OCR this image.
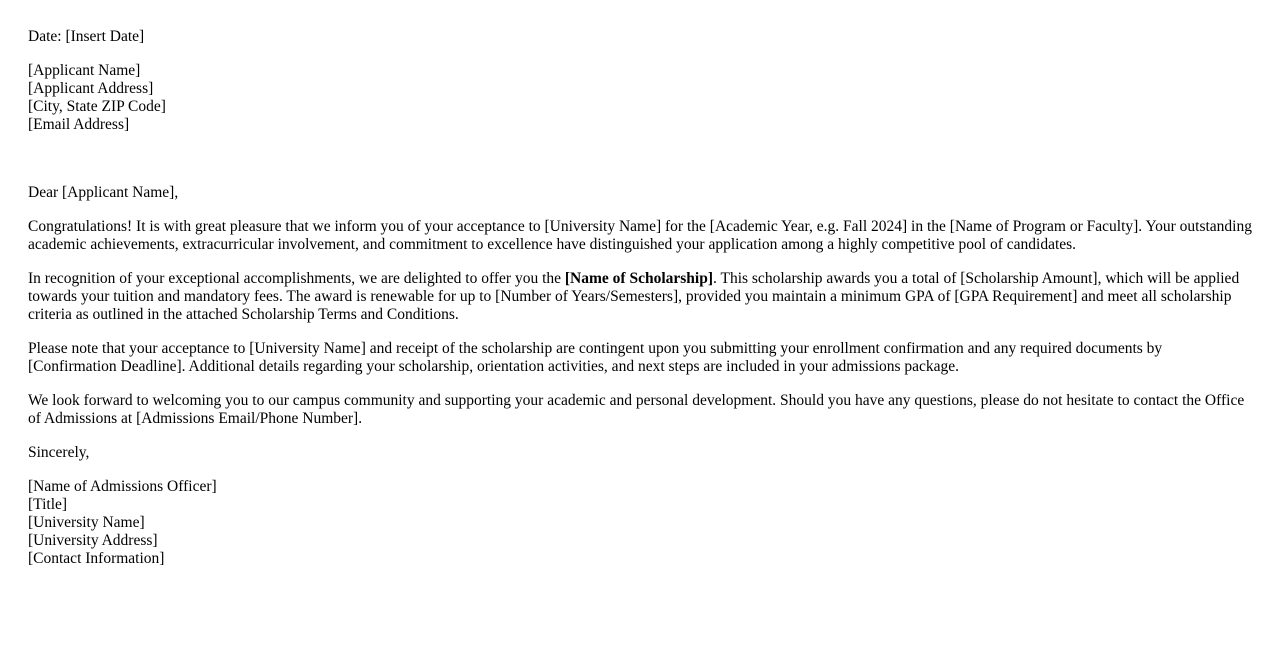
Date: [Insert Date]
[Applicant Name]
[Applicant Address]
[City, State ZIP Code]
[Email Address]
Dear [Applicant Name],

Congratulations! It is with great pleasure that we inform you of your acceptance to [University Name] for the [Academic Year, e.g. Fall 2024] in the [Name of Program or Faculty]. Your outstanding academic achievements, extracurricular involvement, and commitment to excellence have distinguished your application among a highly competitive pool of candidates.

In recognition of your exceptional accomplishments, we are delighted to offer you the [Name of Scholarship]. This scholarship awards you a total of [Scholarship Amount], which will be applied towards your tuition and mandatory fees. The award is renewable for up to [Number of Years/Semesters], provided you maintain a minimum GPA of [GPA Requirement] and meet all scholarship criteria as outlined in the attached Scholarship Terms and Conditions.

Please note that your acceptance to [University Name] and receipt of the scholarship are contingent upon you submitting your enrollment confirmation and any required documents by [Confirmation Deadline]. Additional details regarding your scholarship, orientation activities, and next steps are included in your admissions package.

We look forward to welcoming you to our campus community and supporting your academic and personal development. Should you have any questions, please do not hesitate to contact the Office of Admissions at [Admissions Email/Phone Number].

Sincerely,
[Name of Admissions Officer]
[Title]
[University Name]
[University Address]
[Contact Information]
